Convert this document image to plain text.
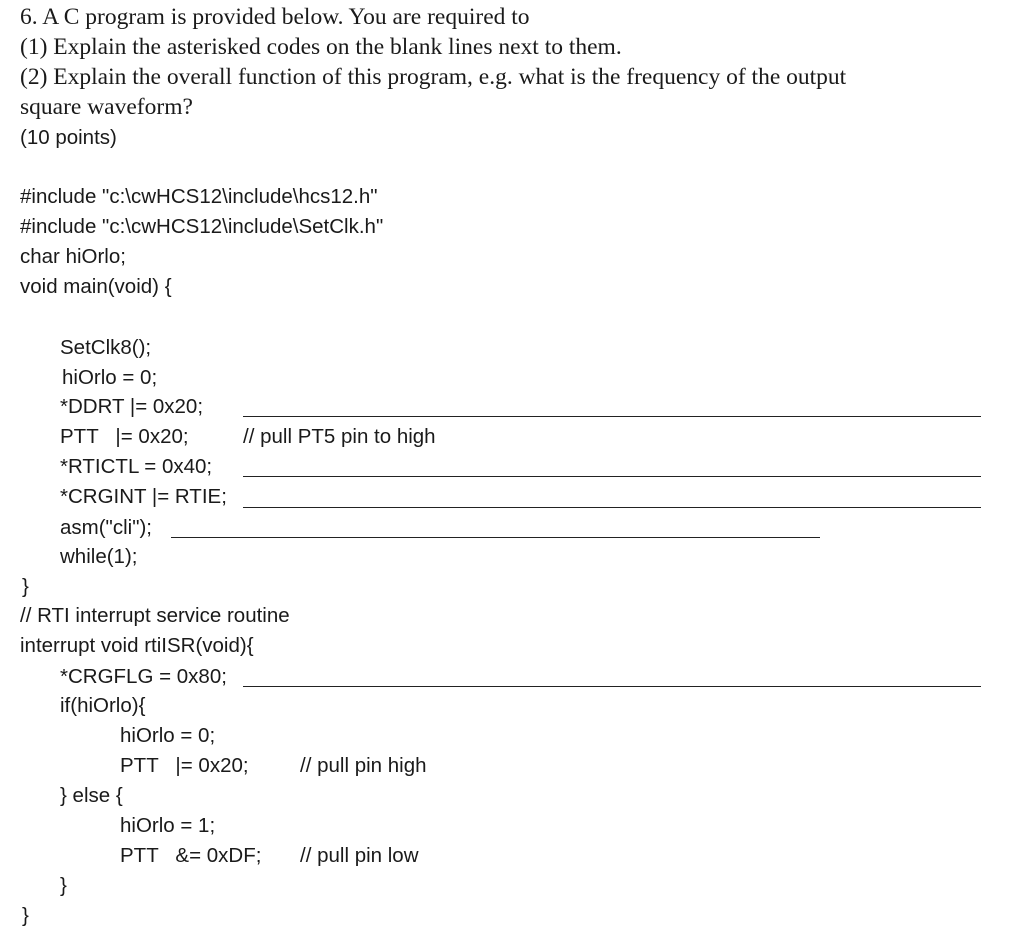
6. A C program is provided below. You are required to
(1) Explain the asterisked codes on the blank lines next to them.
(2) Explain the overall function of this program, e.g. what is the frequency of the output
square waveform?
(10 points)
#include "c:\cwHCS12\include\hcs12.h"
#include "c:\cwHCS12\include\SetClk.h"
char hiOrlo;
void main(void) {
SetClk8();
hiOrlo = 0;
*DDRT |= 0x20;
PTT   |= 0x20;	// pull PT5 pin to high
*RTICTL = 0x40;
*CRGINT |= RTIE;
asm("cli");
while(1);
}
// RTI interrupt service routine
interrupt void rtiISR(void){
*CRGFLG = 0x80;
if(hiOrlo){
hiOrlo = 0;
PTT   |= 0x20;	// pull pin high
} else {
hiOrlo = 1;
PTT   &= 0xDF; // pull pin low
}
}
